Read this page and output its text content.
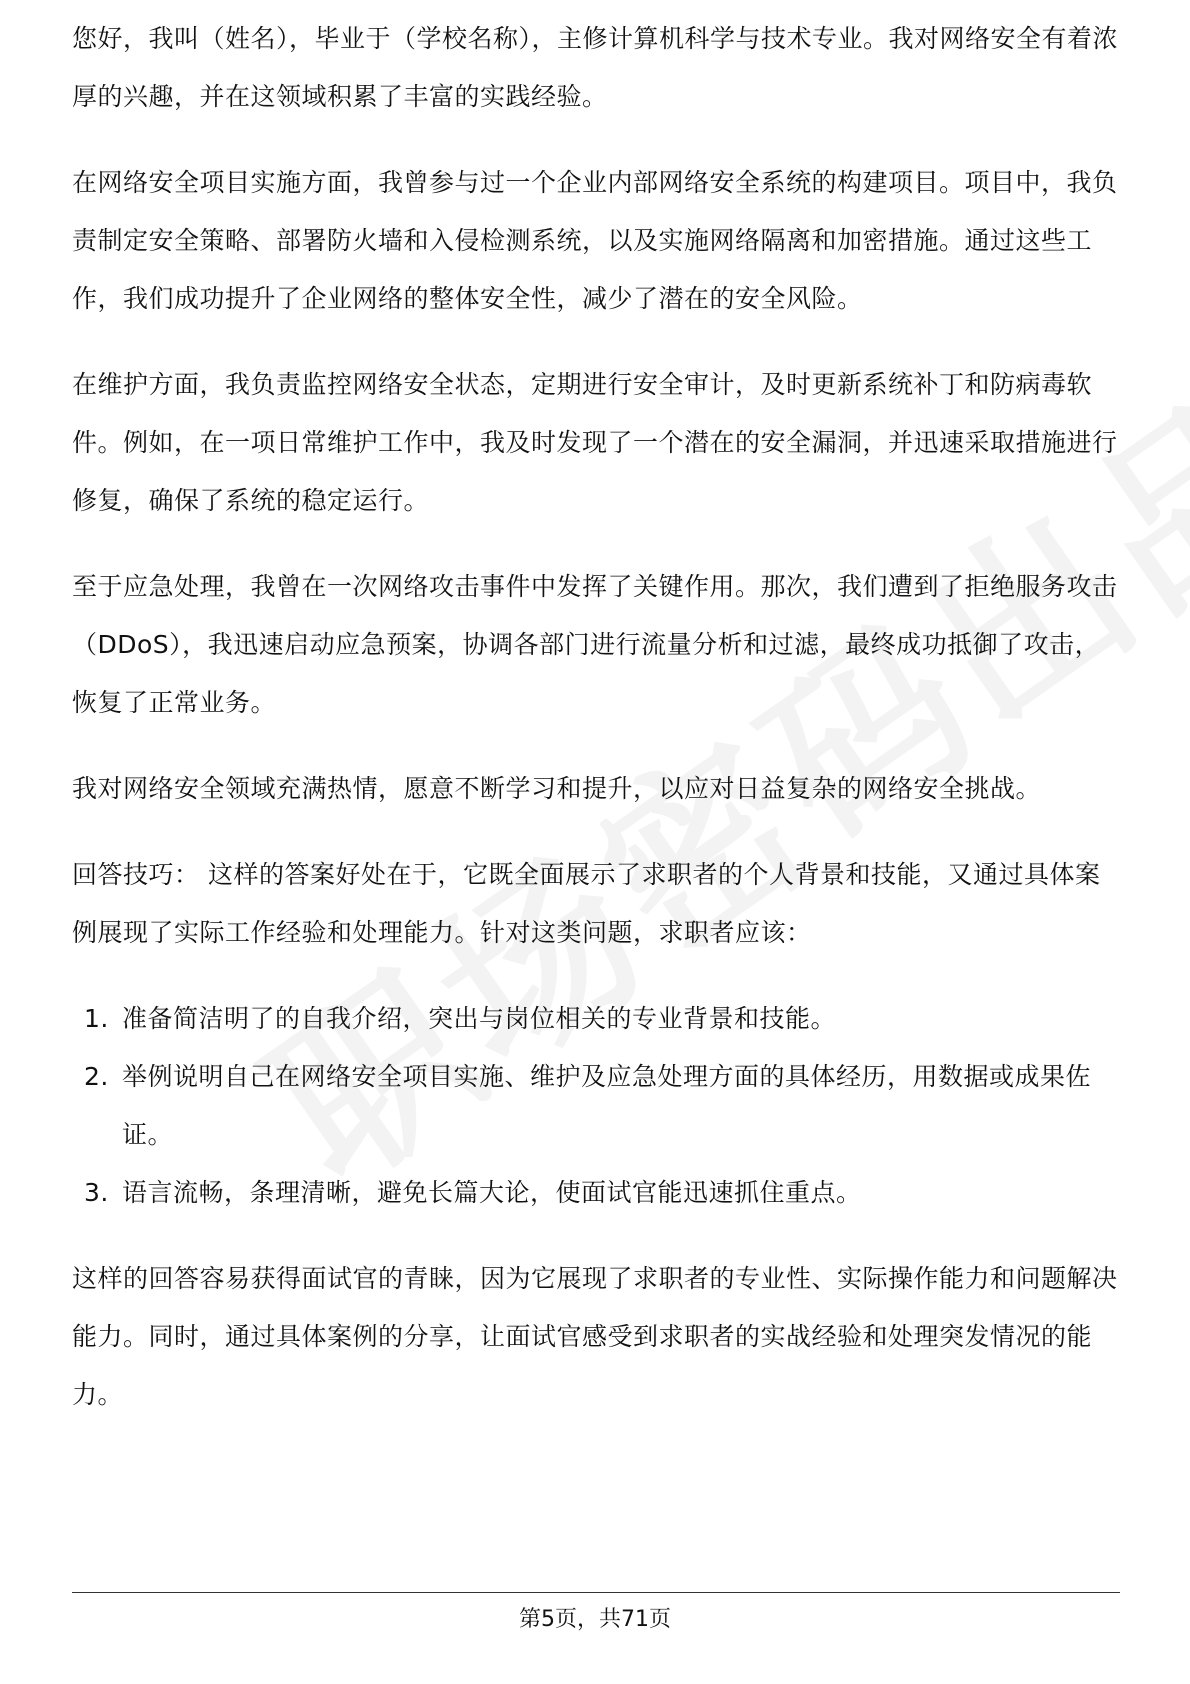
您好，我叫（姓名），毕业于（学校名称），主修计算机科学与技术专业。我对网络安全有着浓厚的兴趣，并在这领域积累了丰富的实践经验。

在网络安全项目实施方面，我曾参与过一个企业内部网络安全系统的构建项目。项目中，我负责制定安全策略、部署防火墙和入侵检测系统，以及实施网络隔离和加密措施。通过这些工作，我们成功提升了企业网络的整体安全性，减少了潜在的安全风险。

在维护方面，我负责监控网络安全状态，定期进行安全审计，及时更新系统补丁和防病毒软件。例如，在一项日常维护工作中，我及时发现了一个潜在的安全漏洞，并迅速采取措施进行修复，确保了系统的稳定运行。

至于应急处理，我曾在一次网络攻击事件中发挥了关键作用。那次，我们遭到了拒绝服务攻击（DDoS），我迅速启动应急预案，协调各部门进行流量分析和过滤，最终成功抵御了攻击，恢复了正常业务。

我对网络安全领域充满热情，愿意不断学习和提升，以应对日益复杂的网络安全挑战。

回答技巧： 这样的答案好处在于，它既全面展示了求职者的个人背景和技能，又通过具体案例展现了实际工作经验和处理能力。针对这类问题，求职者应该：

1. 准备简洁明了的自我介绍，突出与岗位相关的专业背景和技能。
2. 举例说明自己在网络安全项目实施、维护及应急处理方面的具体经历，用数据或成果佐证。
3. 语言流畅，条理清晰，避免长篇大论，使面试官能迅速抓住重点。

这样的回答容易获得面试官的青睐，因为它展现了求职者的专业性、实际操作能力和问题解决能力。同时，通过具体案例的分享，让面试官感受到求职者的实战经验和处理突发情况的能力。

第5页，共71页
